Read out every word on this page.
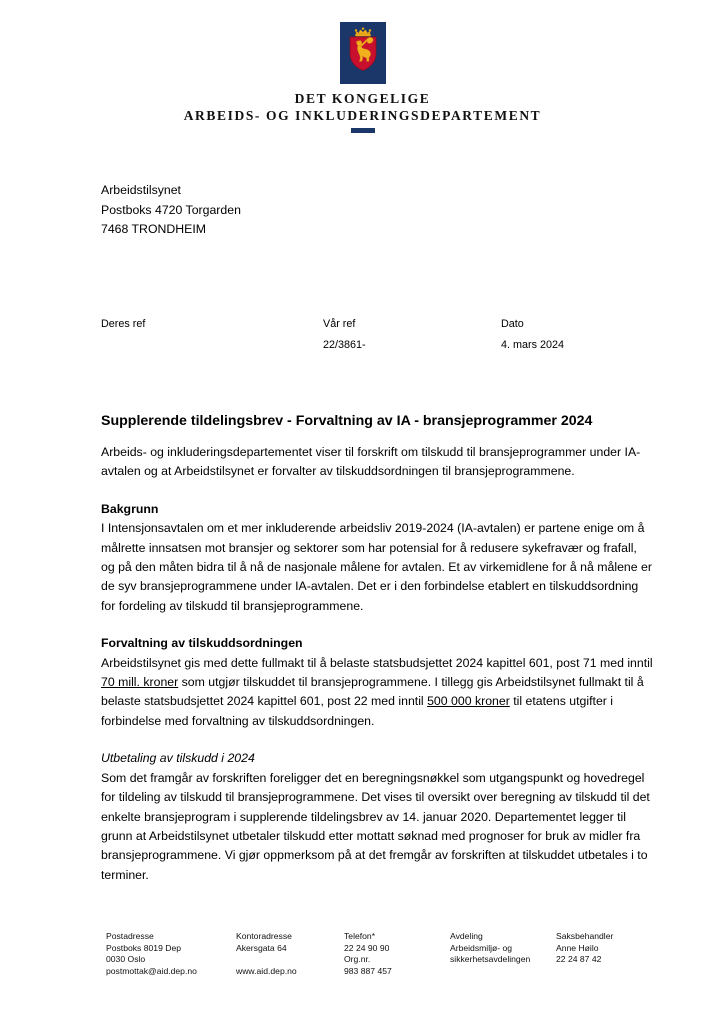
DET KONGELIGE
ARBEIDS- OG INKLUDERINGSDEPARTEMENT
Arbeidstilsynet
Postboks 4720 Torgarden
7468 TRONDHEIM
Deres ref	Vår ref
22/3861-
Dato
4. mars 2024
Supplerende tildelingsbrev - Forvaltning av IA - bransjeprogrammer 2024

Arbeids- og inkluderingsdepartementet viser til forskrift om tilskudd til bransjeprogrammer under IA-avtalen og at Arbeidstilsynet er forvalter av tilskuddsordningen til bransjeprogrammene.

Bakgrunn

I Intensjonsavtalen om et mer inkluderende arbeidsliv 2019-2024 (IA-avtalen) er partene enige om å målrette innsatsen mot bransjer og sektorer som har potensial for å redusere sykefravær og frafall, og på den måten bidra til å nå de nasjonale målene for avtalen. Et av virkemidlene for å nå målene er de syv bransjeprogrammene under IA-avtalen. Det er i den forbindelse etablert en tilskuddsordning for fordeling av tilskudd til bransjeprogrammene.

Forvaltning av tilskuddsordningen

Arbeidstilsynet gis med dette fullmakt til å belaste statsbudsjettet 2024 kapittel 601, post 71 med inntil 70 mill. kroner som utgjør tilskuddet til bransjeprogrammene. I tillegg gis Arbeidstilsynet fullmakt til å belaste statsbudsjettet 2024 kapittel 601, post 22 med inntil 500 000 kroner til etatens utgifter i forbindelse med forvaltning av tilskuddsordningen.

Utbetaling av tilskudd i 2024

Som det framgår av forskriften foreligger det en beregningsnøkkel som utgangspunkt og hovedregel for tildeling av tilskudd til bransjeprogrammene. Det vises til oversikt over beregning av tilskudd til det enkelte bransjeprogram i supplerende tildelingsbrev av 14. januar 2020. Departementet legger til grunn at Arbeidstilsynet utbetaler tilskudd etter mottatt søknad med prognoser for bruk av midler fra bransjeprogrammene. Vi gjør oppmerksom på at det fremgår av forskriften at tilskuddet utbetales i to terminer.

Postadresse
Postboks 8019 Dep
0030 Oslo
postmottak@aid.dep.no
Kontoradresse
Akersgata 64
www.aid.dep.no
Telefon*
22 24 90 90
Org.nr.
983 887 457
Avdeling
Arbeidsmiljø- og
sikkerhetsavdelingen
Saksbehandler
Anne Høilo
22 24 87 42
